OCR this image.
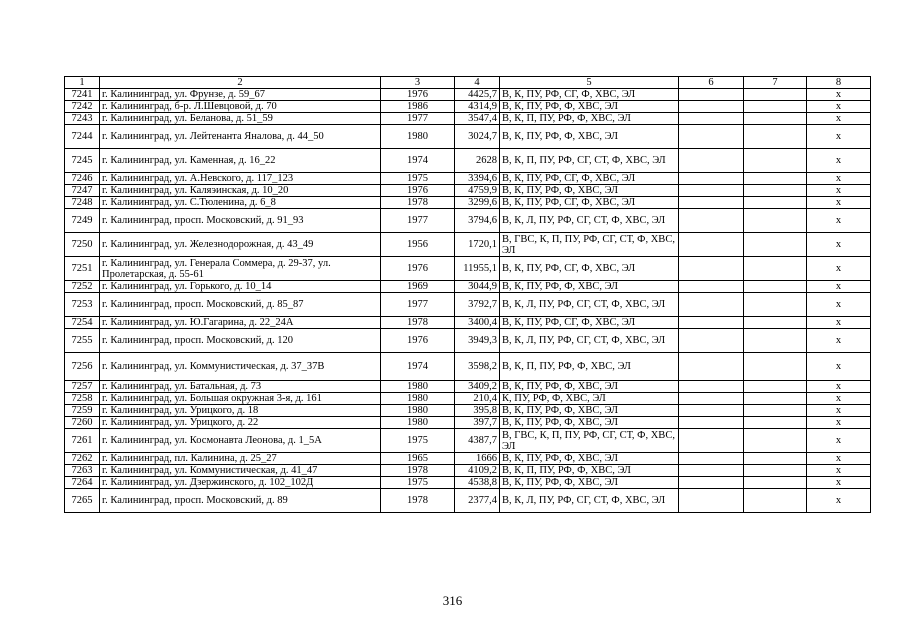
1	2	3	4	5	6	7	8
7241	г. Калининград, ул. Фрунзе, д. 59_67	1976	4425,7	В, К, ПУ, РФ, СГ, Ф, ХВС, ЭЛ			x
7242	г. Калининград, б-р. Л.Шевцовой, д. 70	1986	4314,9	В, К, ПУ, РФ, Ф, ХВС, ЭЛ			x
7243	г. Калининград, ул. Беланова, д. 51_59	1977	3547,4	В, К, П, ПУ, РФ, Ф, ХВС, ЭЛ			x
7244	г. Калининград, ул. Лейтенанта Яналова, д. 44_50	1980	3024,7	В, К, ПУ, РФ, Ф, ХВС, ЭЛ			x
7245	г. Калининград, ул. Каменная, д. 16_22	1974	2628	В, К, П, ПУ, РФ, СГ, СТ, Ф, ХВС, ЭЛ			x
7246	г. Калининград, ул. А.Невского, д. 117_123	1975	3394,6	В, К, ПУ, РФ, СГ, Ф, ХВС, ЭЛ			x
7247	г. Калининград, ул. Каляэинская, д. 10_20	1976	4759,9	В, К, ПУ, РФ, Ф, ХВС, ЭЛ			x
7248	г. Калининград, ул. С.Тюленина, д. 6_8	1978	3299,6	В, К, ПУ, РФ, СГ, Ф, ХВС, ЭЛ			x
7249	г. Калининград, просп. Московский, д. 91_93	1977	3794,6	В, К, Л, ПУ, РФ, СГ, СТ, Ф, ХВС, ЭЛ			x
7250	г. Калининград, ул. Железнодорожная, д. 43_49	1956	1720,1	В, ГВС, К, П, ПУ, РФ, СГ, СТ, Ф, ХВС, ЭЛ			x
7251	г. Калининград, ул. Генерала Соммера, д. 29-37, ул. Пролетарская, д. 55-61	1976	11955,1	В, К, ПУ, РФ, СГ, Ф, ХВС, ЭЛ			x
7252	г. Калининград, ул. Горького, д. 10_14	1969	3044,9	В, К, ПУ, РФ, Ф, ХВС, ЭЛ			x
7253	г. Калининград, просп. Московский, д. 85_87	1977	3792,7	В, К, Л, ПУ, РФ, СГ, СТ, Ф, ХВС, ЭЛ			x
7254	г. Калининград, ул. Ю.Гагарина, д. 22_24А	1978	3400,4	В, К, ПУ, РФ, СГ, Ф, ХВС, ЭЛ			x
7255	г. Калининград, просп. Московский, д. 120	1976	3949,3	В, К, Л, ПУ, РФ, СГ, СТ, Ф, ХВС, ЭЛ			x
7256	г. Калининград, ул. Коммунистическая, д. 37_37В	1974	3598,2	В, К, П, ПУ, РФ, Ф, ХВС, ЭЛ			x
7257	г. Калининград, ул. Батальная, д. 73	1980	3409,2	В, К, ПУ, РФ, Ф, ХВС, ЭЛ			x
7258	г. Калининград, ул. Большая окружная 3-я, д. 161	1980	210,4	К, ПУ, РФ, Ф, ХВС, ЭЛ			x
7259	г. Калининград, ул. Урицкого, д. 18	1980	395,8	В, К, ПУ, РФ, Ф, ХВС, ЭЛ			x
7260	г. Калининград, ул. Урицкого, д. 22	1980	397,7	В, К, ПУ, РФ, Ф, ХВС, ЭЛ			x
7261	г. Калининград, ул. Космонавта Леонова, д. 1_5А	1975	4387,7	В, ГВС, К, П, ПУ, РФ, СГ, СТ, Ф, ХВС, ЭЛ			x
7262	г. Калининград, пл. Калинина, д. 25_27	1965	1666	В, К, ПУ, РФ, Ф, ХВС, ЭЛ			x
7263	г. Калининград, ул. Коммунистическая, д. 41_47	1978	4109,2	В, К, П, ПУ, РФ, Ф, ХВС, ЭЛ			x
7264	г. Калининград, ул. Дзержинского, д. 102_102Д	1975	4538,8	В, К, ПУ, РФ, Ф, ХВС, ЭЛ			x
7265	г. Калининград, просп. Московский, д. 89	1978	2377,4	В, К, Л, ПУ, РФ, СГ, СТ, Ф, ХВС, ЭЛ			x
316
